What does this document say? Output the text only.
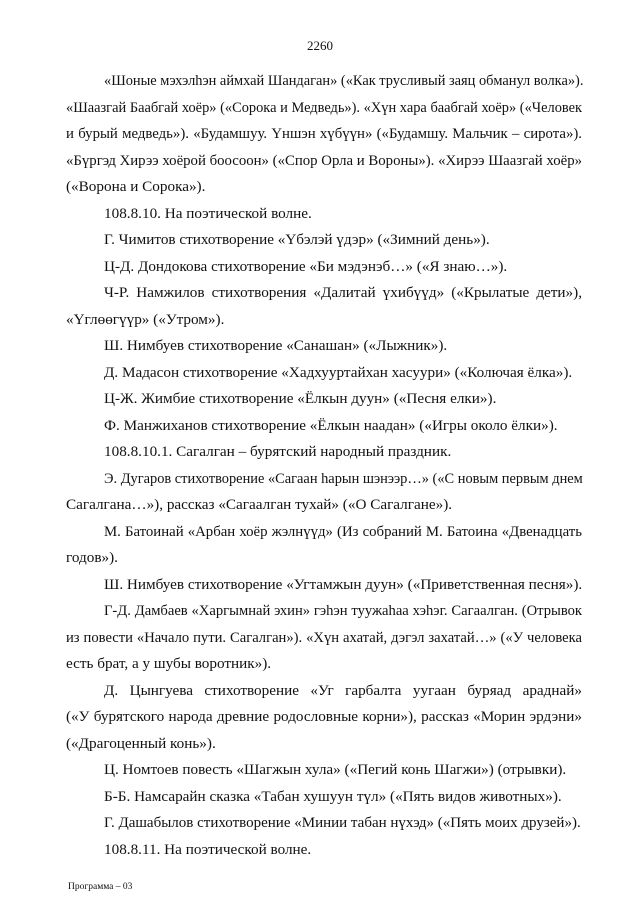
2260
«Шоные мэхэлhэн аймхай Шандаган» («Как трусливый заяц обманул волка»).
«Шаазгай Баабгай хоёр» («Сорока и Медведь»). «Хүн хара баабгай хоёр» («Человек
и бурый медведь»). «Будамшуу. Үншэн хүбүүн» («Будамшу. Мальчик – сирота»).
«Бүргэд Хирээ хоёрой боосоон» («Спор Орла и Вороны»). «Хирээ Шаазгай хоёр»
(«Ворона и Сорока»).
108.8.10. На поэтической волне.
Г. Чимитов стихотворение «Үбэлэй үдэр» («Зимний день»).
Ц-Д. Дондокова стихотворение «Би мэдэнэб…» («Я знаю…»).
Ч-Р. Намжилов стихотворения «Далитай үхибүүд» («Крылатые дети»),
«Үглөөгүүр» («Утром»).
Ш. Нимбуев стихотворение «Санашан» («Лыжник»).
Д. Мадасон стихотворение «Хадхууртайхан хасуури» («Колючая ёлка»).
Ц-Ж. Жимбие стихотворение «Ёлкын дуун» («Песня елки»).
Ф. Манжиханов стихотворение «Ёлкын наадан» («Игры около ёлки»).
108.8.10.1. Сагалган – бурятский народный праздник.
Э. Дугаров стихотворение «Сагаан hарын шэнээр…» («С новым первым днем
Сагалгана…»), рассказ «Сагаалган тухай» («О Сагалгане»).
М. Батоинай «Арбан хоёр жэлнүүд» (Из собраний М. Батоина «Двенадцать
годов»).
Ш. Нимбуев стихотворение «Угтамжын дуун» («Приветственная песня»).
Г-Д. Дамбаев «Харгымнай эхин» гэhэн туужаhаа хэhэг. Сагаалган. (Отрывок
из повести «Начало пути. Сагалган»). «Хүн ахатай, дэгэл захатай…» («У человека
есть брат, а у шубы воротник»).
Д. Цынгуева стихотворение «Уг гарбалта уугаан буряад араднай»
(«У бурятского народа древние родословные корни»), рассказ «Морин эрдэни»
(«Драгоценный конь»).
Ц. Номтоев повесть «Шагжын хула» («Пегий конь Шагжи») (отрывки).
Б-Б. Намсарайн сказка «Табан хушуун түл» («Пять видов животных»).
Г. Дашабылов стихотворение «Минии табан нүхэд» («Пять моих друзей»).
108.8.11. На поэтической волне.
Программа – 03
